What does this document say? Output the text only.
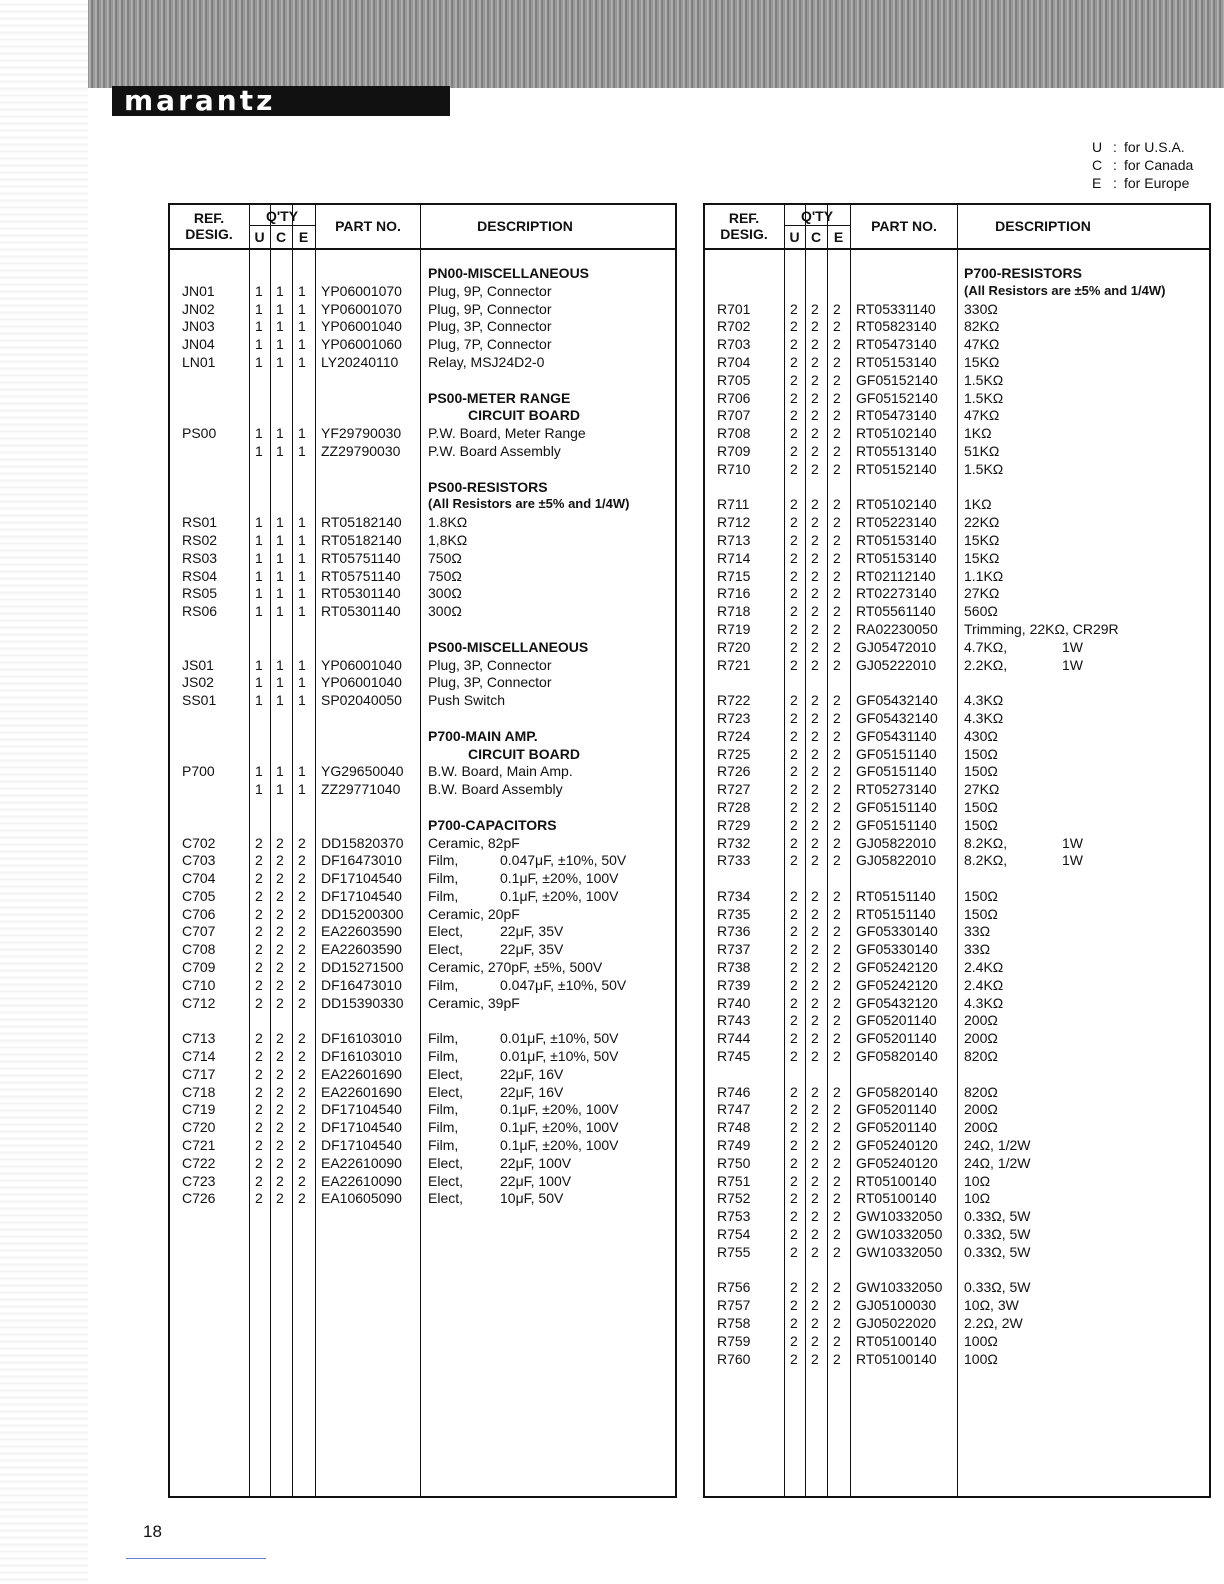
marantz
U : for U.S.A.
C : for Canada
E : for Europe
REF.
DESIG.
Q'TY
U C E
PART NO.	DESCRIPTION
PN00-MISCELLANEOUS
JN01	1 1 1 YP06001070 Plug, 9P, Connector
JN02	1 1 1 YP06001070 Plug, 9P, Connector
JN03	1 1 1 YP06001040 Plug, 3P, Connector
JN04	1 1 1 YP06001060 Plug, 7P, Connector
LN01	1 1 1 LY20240110 Relay, MSJ24D2-0
PS00-METER RANGE
CIRCUIT BOARD
PS00	1 1 1 YF29790030 P.W. Board, Meter Range
1 1 1 ZZ29790030 P.W. Board Assembly
PS00-RESISTORS
(All Resistors are ±5% and 1/4W)
RS01	1 1 1 RT05182140 1.8KΩ
RS02	1 1 1 RT05182140 1,8KΩ
RS03	1 1 1 RT05751140 750Ω
RS04	1 1 1 RT05751140 750Ω
RS05	1 1 1 RT05301140 300Ω
RS06	1 1 1 RT05301140 300Ω
PS00-MISCELLANEOUS
JS01	1 1 1 YP06001040 Plug, 3P, Connector
JS02	1 1 1 YP06001040 Plug, 3P, Connector
SS01	1 1 1 SP02040050 Push Switch
P700-MAIN AMP.
CIRCUIT BOARD
P700	1 1 1 YG29650040 B.W. Board, Main Amp.
1 1 1 ZZ29771040 B.W. Board Assembly
P700-CAPACITORS
C702	2 2 2 DD15820370 Ceramic, 82pF
C703	2 2 2 DF16473010 Film,	0.047μF, ±10%, 50V
C704	2 2 2 DF17104540 Film,	0.1μF, ±20%, 100V
C705	2 2 2 DF17104540 Film,	0.1μF, ±20%, 100V
C706	2 2 2 DD15200300 Ceramic, 20pF
C707	2 2 2 EA22603590 Elect,	22μF, 35V
C708	2 2 2 EA22603590 Elect,	22μF, 35V
C709	2 2 2 DD15271500 Ceramic, 270pF, ±5%, 500V
C710	2 2 2 DF16473010 Film,	0.047μF, ±10%, 50V
C712	2 2 2 DD15390330 Ceramic, 39pF
C713	2 2 2 DF16103010 Film,	0.01μF, ±10%, 50V
C714	2 2 2 DF16103010 Film,	0.01μF, ±10%, 50V
C717	2 2 2 EA22601690 Elect,	22μF, 16V
C718	2 2 2 EA22601690 Elect,	22μF, 16V
C719	2 2 2 DF17104540 Film,	0.1μF, ±20%, 100V
C720	2 2 2 DF17104540 Film,	0.1μF, ±20%, 100V
C721	2 2 2 DF17104540 Film,	0.1μF, ±20%, 100V
C722	2 2 2 EA22610090 Elect,	22μF, 100V
C723	2 2 2 EA22610090 Elect,	22μF, 100V
C726	2 2 2 EA10605090 Elect,	10μF, 50V
REF.
DESIG.
Q'TY
U C E
PART NO.	DESCRIPTION
P700-RESISTORS
(All Resistors are ±5% and 1/4W)
R701	2 2 2 RT05331140 330Ω
R702	2 2 2 RT05823140 82KΩ
R703	2 2 2 RT05473140 47KΩ
R704	2 2 2 RT05153140 15KΩ
R705	2 2 2 GF05152140 1.5KΩ
R706	2 2 2 GF05152140 1.5KΩ
R707	2 2 2 RT05473140 47KΩ
R708	2 2 2 RT05102140 1KΩ
R709	2 2 2 RT05513140 51KΩ
R710	2 2 2 RT05152140 1.5KΩ
R711	2 2 2 RT05102140 1KΩ
R712	2 2 2 RT05223140 22KΩ
R713	2 2 2 RT05153140 15KΩ
R714	2 2 2 RT05153140 15KΩ
R715	2 2 2 RT02112140 1.1KΩ
R716	2 2 2 RT02273140 27KΩ
R718	2 2 2 RT05561140 560Ω
R719	2 2 2 RA02230050 Trimming, 22KΩ, CR29R
R720	2 2 2 GJ05472010 4.7KΩ,	1W
R721	2 2 2 GJ05222010 2.2KΩ,	1W
R722	2 2 2 GF05432140 4.3KΩ
R723	2 2 2 GF05432140 4.3KΩ
R724	2 2 2 GF05431140 430Ω
R725	2 2 2 GF05151140 150Ω
R726	2 2 2 GF05151140 150Ω
R727	2 2 2 RT05273140 27KΩ
R728	2 2 2 GF05151140 150Ω
R729	2 2 2 GF05151140 150Ω
R732	2 2 2 GJ05822010 8.2KΩ,	1W
R733	2 2 2 GJ05822010 8.2KΩ,	1W
R734	2 2 2 RT05151140 150Ω
R735	2 2 2 RT05151140 150Ω
R736	2 2 2 GF05330140 33Ω
R737	2 2 2 GF05330140 33Ω
R738	2 2 2 GF05242120 2.4KΩ
R739	2 2 2 GF05242120 2.4KΩ
R740	2 2 2 GF05432120 4.3KΩ
R743	2 2 2 GF05201140 200Ω
R744	2 2 2 GF05201140 200Ω
R745	2 2 2 GF05820140 820Ω
R746	2 2 2 GF05820140 820Ω
R747	2 2 2 GF05201140 200Ω
R748	2 2 2 GF05201140 200Ω
R749	2 2 2 GF05240120 24Ω, 1/2W
R750	2 2 2 GF05240120 24Ω, 1/2W
R751	2 2 2 RT05100140 10Ω
R752	2 2 2 RT05100140 10Ω
R753	2 2 2 GW10332050 0.33Ω, 5W
R754	2 2 2 GW10332050 0.33Ω, 5W
R755	2 2 2 GW10332050 0.33Ω, 5W
R756	2 2 2 GW10332050 0.33Ω, 5W
R757	2 2 2 GJ05100030 10Ω, 3W
R758	2 2 2 GJ05022020 2.2Ω, 2W
R759	2 2 2 RT05100140 100Ω
R760	2 2 2 RT05100140 100Ω
18
